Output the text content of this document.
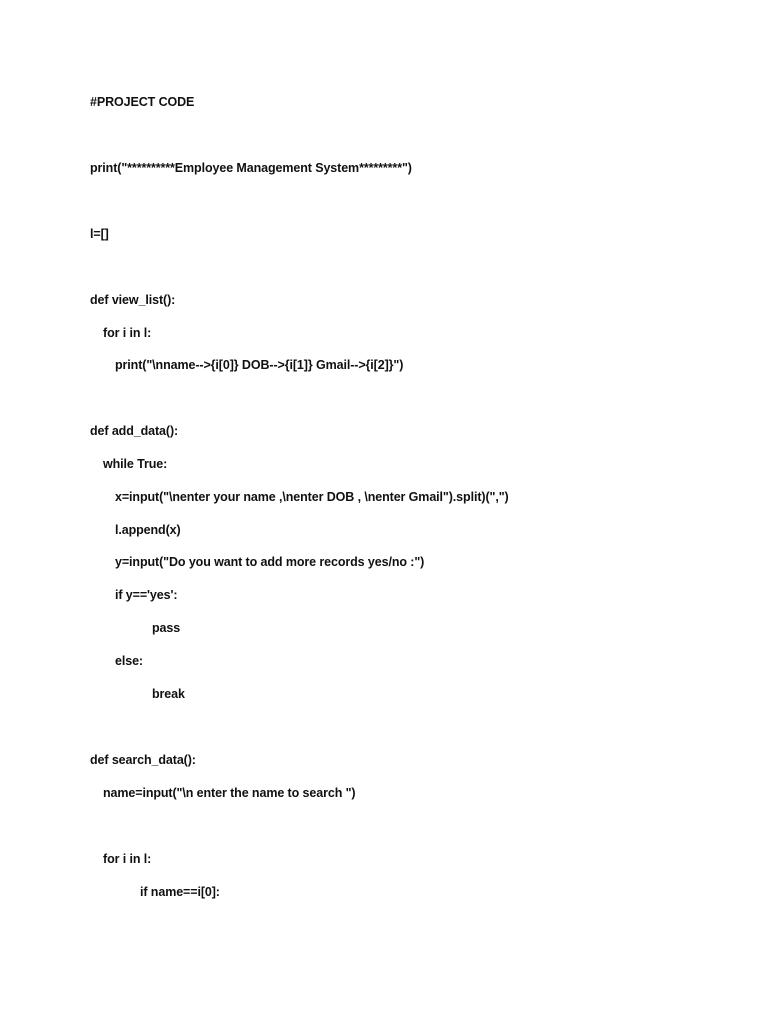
#PROJECT CODE
print("**********Employee Management System*********")
l=[]
def view_list():
for i in l:
print("\nname-->{i[0]} DOB-->{i[1]} Gmail-->{i[2]}")
def add_data():
while True:
x=input("\nenter your name ,\nenter DOB , \nenter Gmail").split)(",")
l.append(x)
y=input("Do you want to add more records yes/no :")
if y=='yes':
pass
else:
break
def search_data():
name=input("\n enter the name to search ")
for i in l:
if name==i[0]:
